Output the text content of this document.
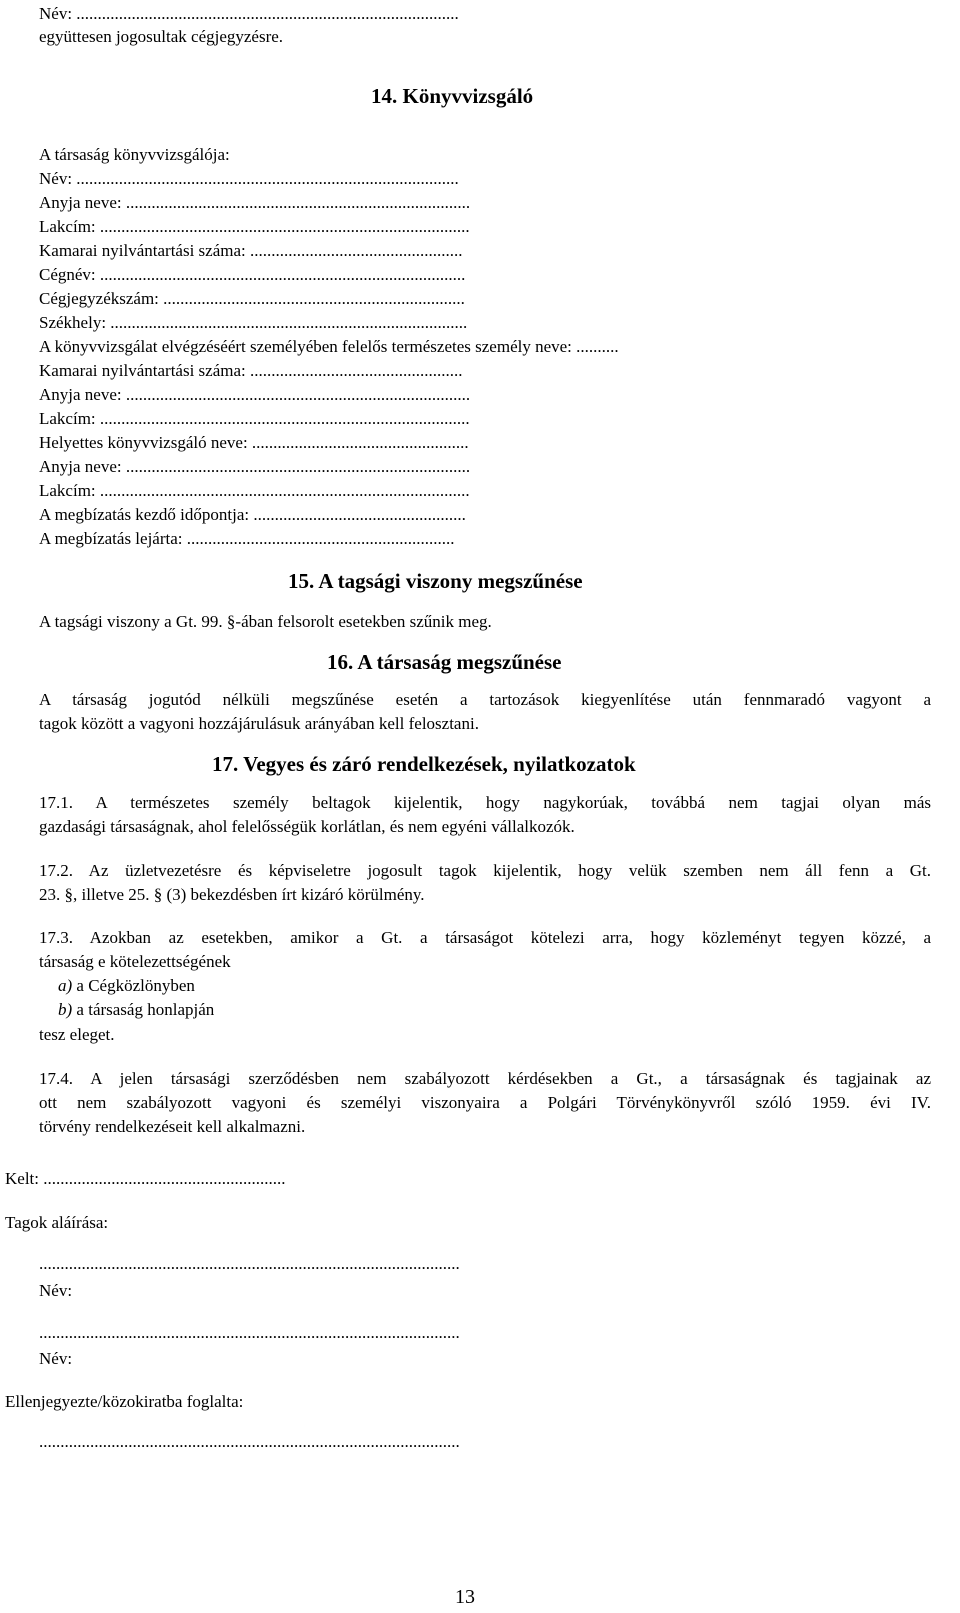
Név: ..........................................................................................
együttesen jogosultak cégjegyzésre.
14. Könyvvizsgáló
A társaság könyvvizsgálója:
Név: ..........................................................................................
Anyja neve: .................................................................................
Lakcím: .......................................................................................
Kamarai nyilvántartási száma: ..................................................
Cégnév: ......................................................................................
Cégjegyzékszám: .......................................................................
Székhely: ....................................................................................
A könyvvizsgálat elvégzéséért személyében felelős természetes személy neve: ..........
Kamarai nyilvántartási száma: ..................................................
Anyja neve: .................................................................................
Lakcím: .......................................................................................
Helyettes könyvvizsgáló neve: ...................................................
Anyja neve: .................................................................................
Lakcím: .......................................................................................
A megbízatás kezdő időpontja: ..................................................
A megbízatás lejárta: ...............................................................
15. A tagsági viszony megszűnése
A tagsági viszony a Gt. 99. §-ában felsorolt esetekben szűnik meg.
16. A társaság megszűnése
A társaság jogutód nélküli megszűnése esetén a tartozások kiegyenlítése után fennmaradó vagyont a
tagok között a vagyoni hozzájárulásuk arányában kell felosztani.
17. Vegyes és záró rendelkezések, nyilatkozatok
17.1. A természetes személy beltagok kijelentik, hogy nagykorúak, továbbá nem tagjai olyan más
gazdasági társaságnak, ahol felelősségük korlátlan, és nem egyéni vállalkozók.
17.2. Az üzletvezetésre és képviseletre jogosult tagok kijelentik, hogy velük szemben nem áll fenn a Gt.
23. §, illetve 25. § (3) bekezdésben írt kizáró körülmény.
17.3. Azokban az esetekben, amikor a Gt. a társaságot kötelezi arra, hogy közleményt tegyen közzé, a
társaság e kötelezettségének
a) a Cégközlönyben
b) a társaság honlapján
tesz eleget.
17.4. A jelen társasági szerződésben nem szabályozott kérdésekben a Gt., a társaságnak és tagjainak az
ott nem szabályozott vagyoni és személyi viszonyaira a Polgári Törvénykönyvről szóló 1959. évi IV.
törvény rendelkezéseit kell alkalmazni.
Kelt: .........................................................
Tagok aláírása:
...................................................................................................
Név:
...................................................................................................
Név:
Ellenjegyezte/közokiratba foglalta:
...................................................................................................
13
